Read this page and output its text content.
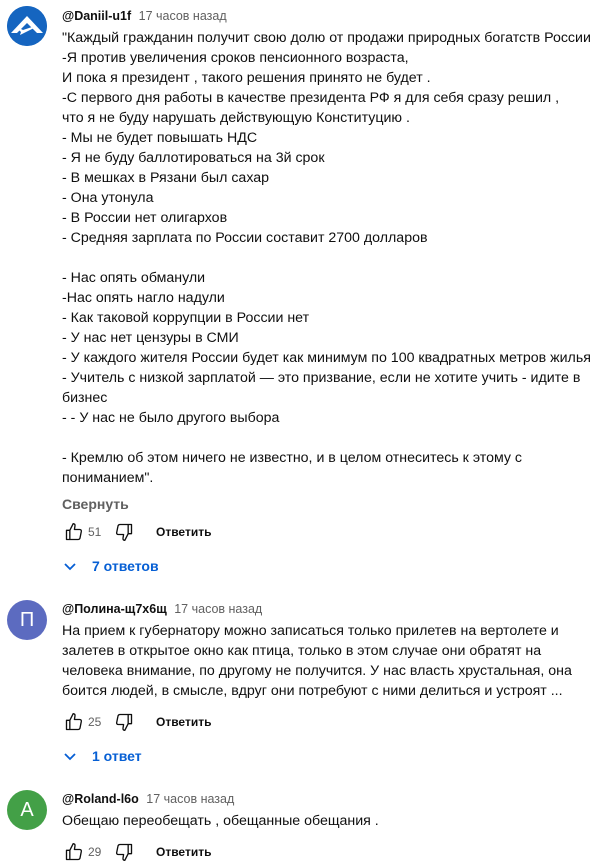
@Daniil-u1f 17 часов назад
"Каждый гражданин получит свою долю от продажи природных богатств России
-Я против увеличения сроков пенсионного возраста,
И пока я президент , такого решения принято не будет .
-С первого дня работы в качестве президента РФ я для себя сразу решил ,
что я не буду нарушать действующую Конституцию .
- Мы не будет повышать НДС
- Я не буду баллотироваться на 3й срок
- В мешках в Рязани был сахар
- Она утонула
- В России нет олигархов
- Средняя зарплата по России составит 2700 долларов
- Нас опять обманули
-Нас опять нагло надули
- Как таковой коррупции в России нет
- У нас нет цензуры в СМИ
- У каждого жителя России будет как минимум по 100 квадратных метров жилья
- Учитель с низкой зарплатой — это призвание, если не хотите учить - идите в
бизнес
- - У нас не было другого выбора
- Кремлю об этом ничего не известно, и в целом отнеситесь к этому с
пониманием".
Свернуть
51	Ответить
7 ответов
П @Полина-щ7х6щ 17 часов назад
На прием к губернатору можно записаться только прилетев на вертолете и
залетев в открытое окно как птица, только в этом случае они обратят на
человека внимание, по другому не получится. У нас власть хрустальная, она
боится людей, в смысле, вдруг они потребуют с ними делиться и устроят ...
25	Ответить
1 ответ
A @Roland-l6o 17 часов назад
Обещаю переобещать , обещанные обещания .
29	Ответить
